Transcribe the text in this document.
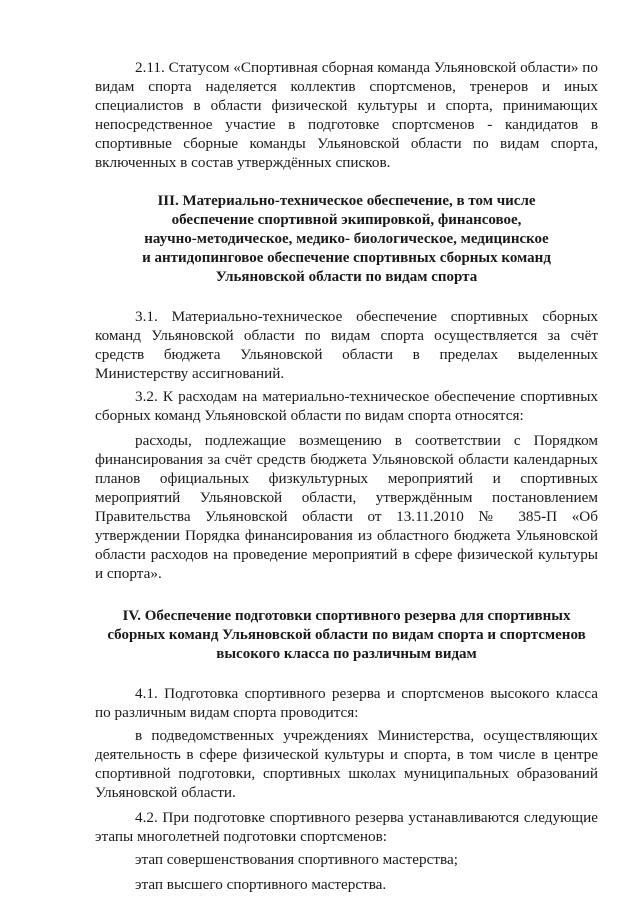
2.11. Статусом «Спортивная сборная команда Ульяновской области» по видам спорта наделяется коллектив спортсменов, тренеров и иных специалистов в области физической культуры и спорта, принимающих непосредственное участие в подготовке спортсменов - кандидатов в спортивные сборные команды Ульяновской области по видам спорта, включенных в состав утверждённых списков.

III. Материально-техническое обеспечение, в том числе

обеспечение спортивной экипировкой, финансовое,

научно-методическое, медико- биологическое, медицинское

и антидопинговое обеспечение спортивных сборных команд

Ульяновской области по видам спорта

3.1. Материально-техническое обеспечение спортивных сборных команд Ульяновской области по видам спорта осуществляется за счёт средств бюджета Ульяновской области в пределах выделенных Министерству ассигнований.

3.2. К расходам на материально-техническое обеспечение спортивных сборных команд Ульяновской области по видам спорта относятся:

расходы, подлежащие возмещению в соответствии с Порядком финансирования за счёт средств бюджета Ульяновской области календарных планов официальных физкультурных мероприятий и спортивных мероприятий Ульяновской области, утверждённым постановлением Правительства Ульяновской области от 13.11.2010 № 385-П «Об утверждении Порядка финансирования из областного бюджета Ульяновской области расходов на проведение мероприятий в сфере физической культуры и спорта».

IV. Обеспечение подготовки спортивного резерва для спортивных

сборных команд Ульяновской области по видам спорта и спортсменов

высокого класса по различным видам

4.1. Подготовка спортивного резерва и спортсменов высокого класса по различным видам спорта проводится:

в подведомственных учреждениях Министерства, осуществляющих деятельность в сфере физической культуры и спорта, в том числе в центре спортивной подготовки, спортивных школах муниципальных образований Ульяновской области.

4.2. При подготовке спортивного резерва устанавливаются следующие этапы многолетней подготовки спортсменов:

этап совершенствования спортивного мастерства;

этап высшего спортивного мастерства.
